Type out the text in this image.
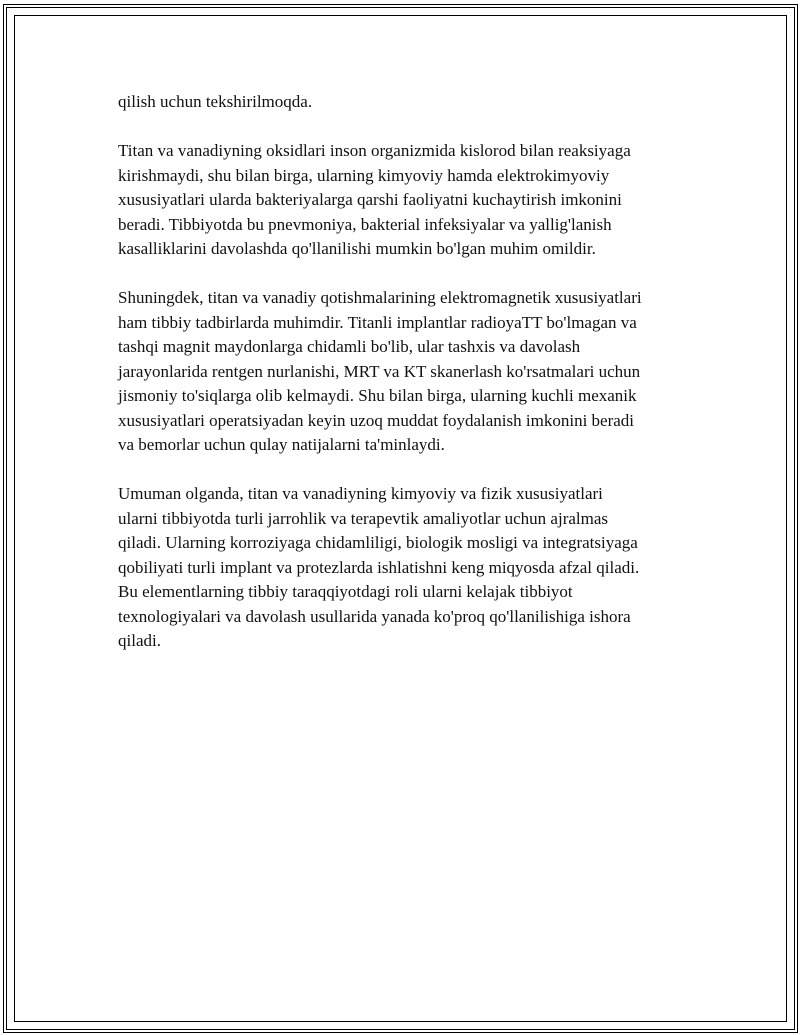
qilish uchun tekshirilmoqda.

Titan va vanadiyning oksidlari inson organizmida kislorod bilan reaksiyaga
kirishmaydi, shu bilan birga, ularning kimyoviy hamda elektrokimyoviy
xususiyatlari ularda bakteriyalarga qarshi faoliyatni kuchaytirish imkonini
beradi. Tibbiyotda bu pnevmoniya, bakterial infeksiyalar va yallig'lanish
kasalliklarini davolashda qo'llanilishi mumkin bo'lgan muhim omildir.

Shuningdek, titan va vanadiy qotishmalarining elektromagnetik xususiyatlari
ham tibbiy tadbirlarda muhimdir. Titanli implantlar radioyaTT bo'lmagan va
tashqi magnit maydonlarga chidamli bo'lib, ular tashxis va davolash
jarayonlarida rentgen nurlanishi, MRT va KT skanerlash ko'rsatmalari uchun
jismoniy to'siqlarga olib kelmaydi. Shu bilan birga, ularning kuchli mexanik
xususiyatlari operatsiyadan keyin uzoq muddat foydalanish imkonini beradi
va bemorlar uchun qulay natijalarni ta'minlaydi.

Umuman olganda, titan va vanadiyning kimyoviy va fizik xususiyatlari
ularni tibbiyotda turli jarrohlik va terapevtik amaliyotlar uchun ajralmas
qiladi. Ularning korroziyaga chidamliligi, biologik mosligi va integratsiyaga
qobiliyati turli implant va protezlarda ishlatishni keng miqyosda afzal qiladi.
Bu elementlarning tibbiy taraqqiyotdagi roli ularni kelajak tibbiyot
texnologiyalari va davolash usullarida yanada ko'proq qo'llanilishiga ishora
qiladi.
